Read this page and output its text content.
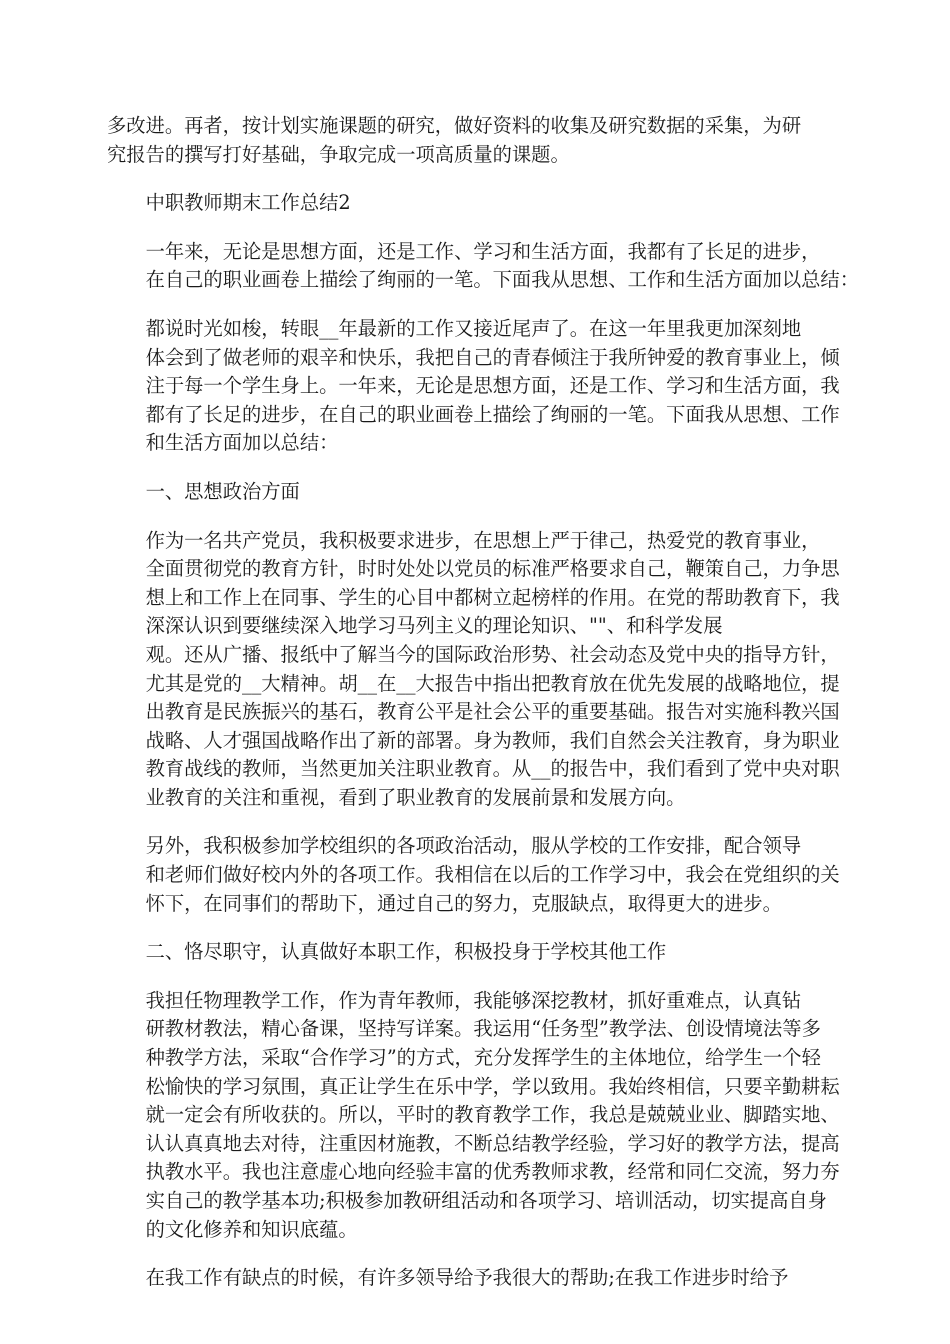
多改进。再者，按计划实施课题的研究，做好资料的收集及研究数据的采集，为研
究报告的撰写打好基础，争取完成一项高质量的课题。

中职教师期末工作总结2

一年来，无论是思想方面，还是工作、学习和生活方面，我都有了长足的进步，
在自己的职业画卷上描绘了绚丽的一笔。下面我从思想、工作和生活方面加以总结：

都说时光如梭，转眼__年最新的工作又接近尾声了。在这一年里我更加深刻地
体会到了做老师的艰辛和快乐，我把自己的青春倾注于我所钟爱的教育事业上，倾
注于每一个学生身上。一年来，无论是思想方面，还是工作、学习和生活方面，我
都有了长足的进步，在自己的职业画卷上描绘了绚丽的一笔。下面我从思想、工作
和生活方面加以总结：

一、思想政治方面

作为一名共产党员，我积极要求进步，在思想上严于律己，热爱党的教育事业，
全面贯彻党的教育方针，时时处处以党员的标准严格要求自己，鞭策自己，力争思
想上和工作上在同事、学生的心目中都树立起榜样的作用。在党的帮助教育下，我
深深认识到要继续深入地学习马列主义的理论知识、""、和科学发展
观。还从广播、报纸中了解当今的国际政治形势、社会动态及党中央的指导方针，
尤其是党的__大精神。胡__在__大报告中指出把教育放在优先发展的战略地位，提
出教育是民族振兴的基石，教育公平是社会公平的重要基础。报告对实施科教兴国
战略、人才强国战略作出了新的部署。身为教师，我们自然会关注教育，身为职业
教育战线的教师，当然更加关注职业教育。从__的报告中，我们看到了党中央对职
业教育的关注和重视，看到了职业教育的发展前景和发展方向。

另外，我积极参加学校组织的各项政治活动，服从学校的工作安排，配合领导
和老师们做好校内外的各项工作。我相信在以后的工作学习中，我会在党组织的关
怀下，在同事们的帮助下，通过自己的努力，克服缺点，取得更大的进步。

二、恪尽职守，认真做好本职工作，积极投身于学校其他工作

我担任物理教学工作，作为青年教师，我能够深挖教材，抓好重难点，认真钻
研教材教法，精心备课，坚持写详案。我运用“任务型”教学法、创设情境法等多
种教学方法，采取“合作学习”的方式，充分发挥学生的主体地位，给学生一个轻
松愉快的学习氛围，真正让学生在乐中学，学以致用。我始终相信，只要辛勤耕耘
就一定会有所收获的。所以，平时的教育教学工作，我总是兢兢业业、脚踏实地、
认认真真地去对待，注重因材施教，不断总结教学经验，学习好的教学方法，提高
执教水平。我也注意虚心地向经验丰富的优秀教师求教，经常和同仁交流，努力夯
实自己的教学基本功;积极参加教研组活动和各项学习、培训活动，切实提高自身
的文化修养和知识底蕴。

在我工作有缺点的时候，有许多领导给予我很大的帮助;在我工作进步时给予
